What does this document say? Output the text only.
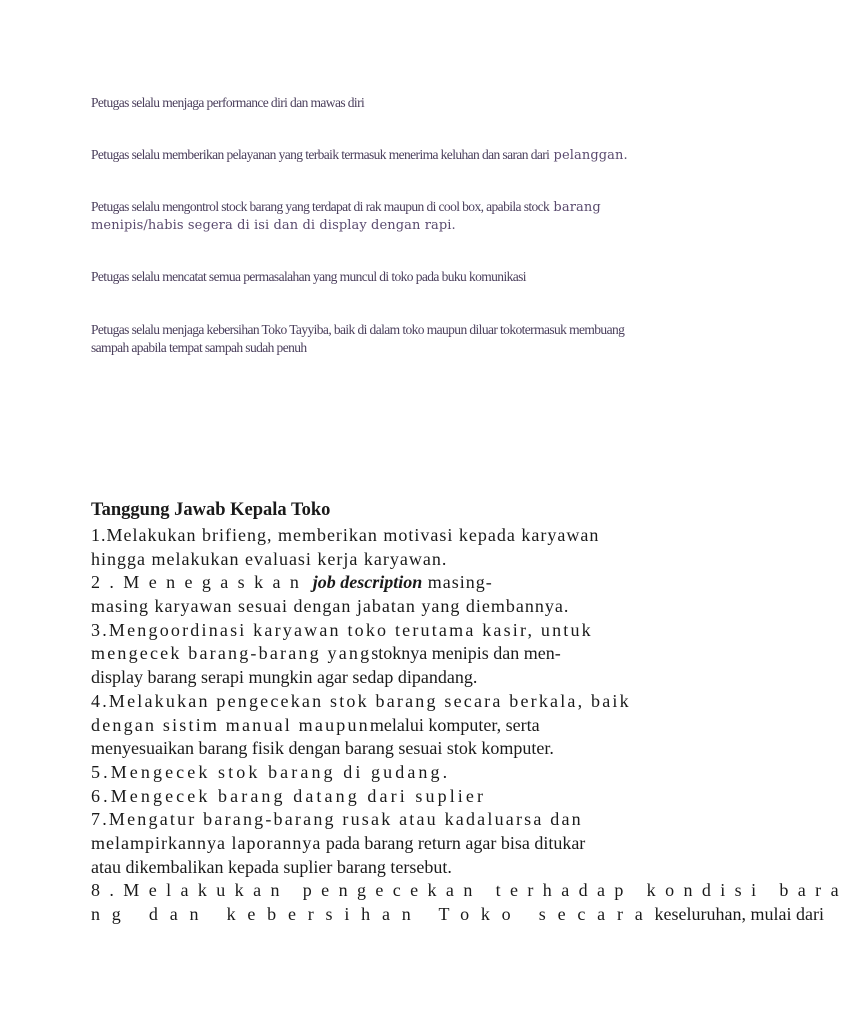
Petugas selalu menjaga performance diri dan mawas diri
Petugas selalu memberikan pelayanan yang terbaik termasuk menerima keluhan dan saran dari pelanggan.
Petugas selalu mengontrol stock barang yang terdapat di rak maupun di cool box, apabila stock barang
menipis/habis segera di isi dan di display dengan rapi.
Petugas selalu mencatat semua permasalahan yang muncul di toko pada buku komunikasi
Petugas selalu menjaga kebersihan Toko Tayyiba, baik di dalam toko maupun diluar tokotermasuk membuang
sampah apabila tempat sampah sudah penuh
Tanggung Jawab Kepala Toko
1.Melakukan brifieng, memberikan motivasi kepada karyawan
hingga melakukan evaluasi kerja karyawan.
2.Menegaskan job description masing-
masing karyawan sesuai dengan jabatan yang diembannya.
3.Mengoordinasi karyawan toko terutama kasir, untuk
mengecek barang-barang yangstoknya menipis dan men-
display barang serapi mungkin agar sedap dipandang.
4.Melakukan pengecekan stok barang secara berkala, baik
dengan sistim manual maupunmelalui komputer, serta
menyesuaikan barang fisik dengan barang sesuai stok komputer.
5.Mengecek stok barang di gudang.
6.Mengecek barang datang dari suplier
7.Mengatur barang-barang rusak atau kadaluarsa dan
melampirkannya laporannya pada barang return agar bisa ditukar
atau dikembalikan kepada suplier barang tersebut.
8.Melakukan pengecekan terhadap kondisi bara
ng dan kebersihan Toko secarakeseluruhan, mulai dari
